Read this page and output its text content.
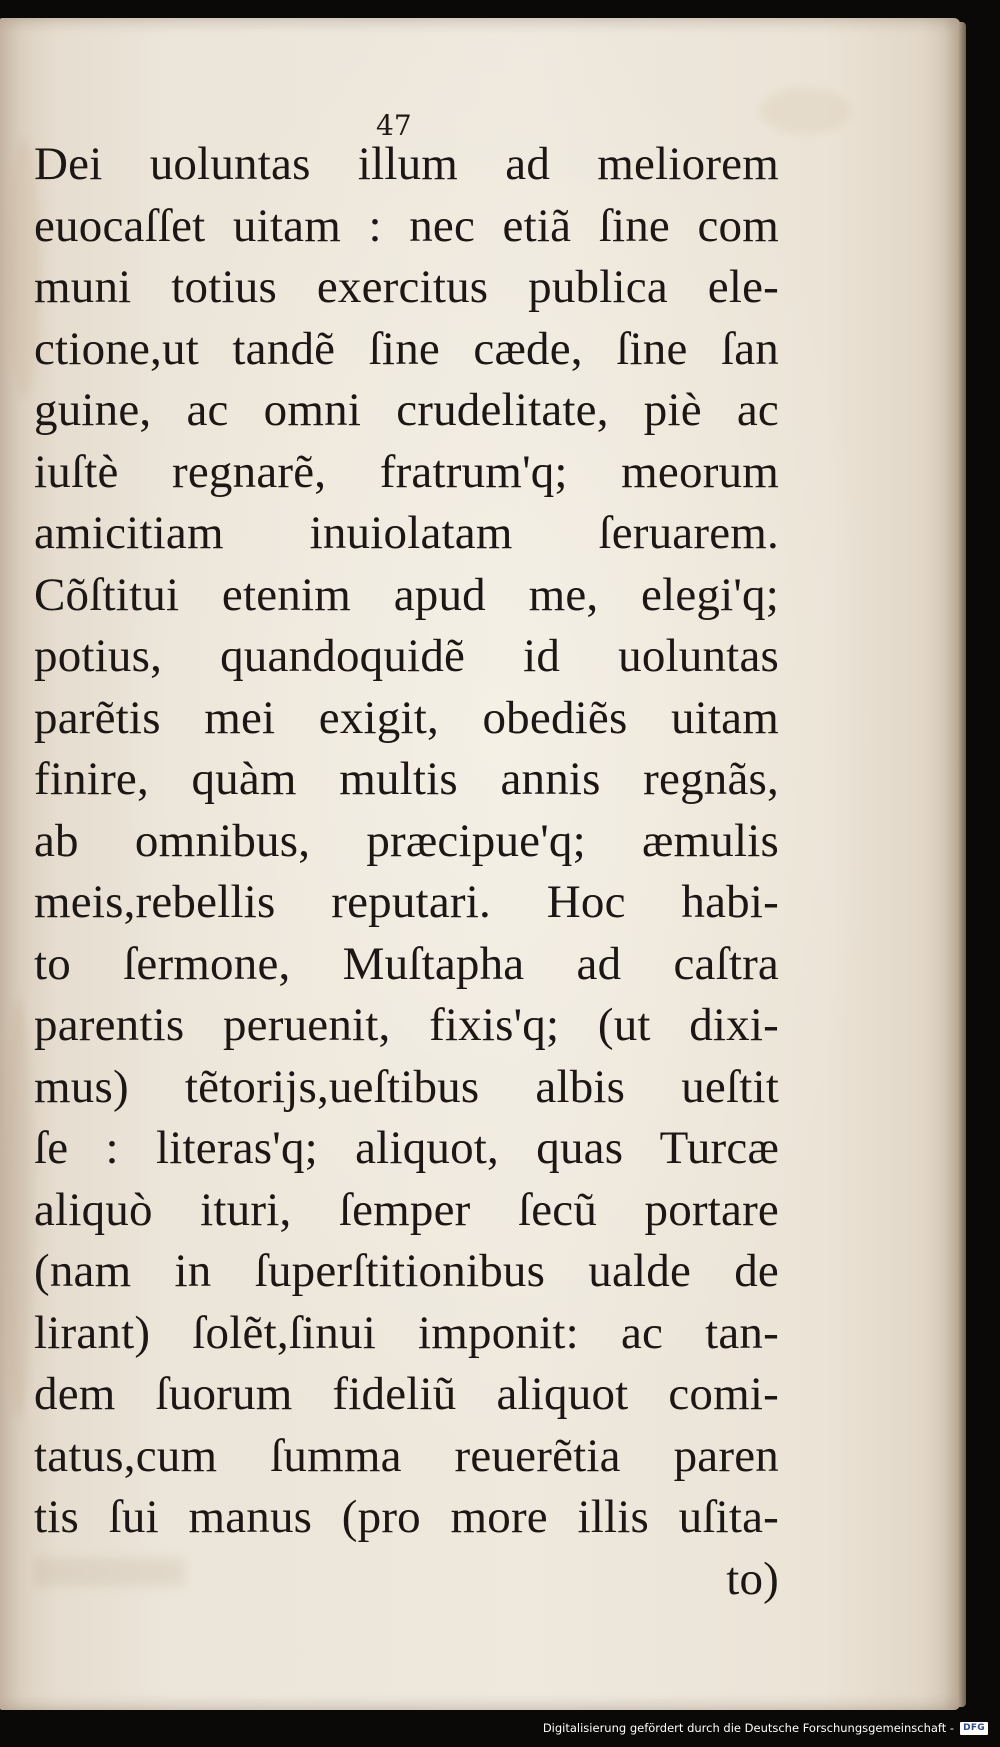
47

Dei uoluntas illum ad meliorem
euocaſſet uitam : nec etiã ſine com
muni totius exercitus publica ele-
ctione,ut tandẽ ſine cæde, ſine ſan
guine, ac omni crudelitate, piè ac
iuſtè regnarẽ, fratrum'q; meorum
amicitiam inuiolatam ſeruarem.
Cõſtitui etenim apud me, elegi'q;
potius, quandoquidẽ id uoluntas
parẽtis mei exigit, obediẽs uitam
finire, quàm multis annis regnãs,
ab omnibus, præcipue'q; æmulis
meis,rebellis reputari. Hoc habi-
to ſermone, Muſtapha ad caſtra
parentis peruenit, fixis'q; (ut dixi-
mus) tẽtorijs,ueſtibus albis ueſtit
ſe : literas'q; aliquot, quas Turcæ
aliquò ituri, ſemper ſecũ portare
(nam in ſuperſtitionibus ualde de
lirant) ſolẽt,ſinui imponit: ac tan-
dem ſuorum fideliũ aliquot comi-
tatus,cum ſumma reuerẽtia paren
tis ſui manus (pro more illis uſita-
to)
Digitalisierung gefördert durch die Deutsche Forschungsgemeinschaft -	DFG
